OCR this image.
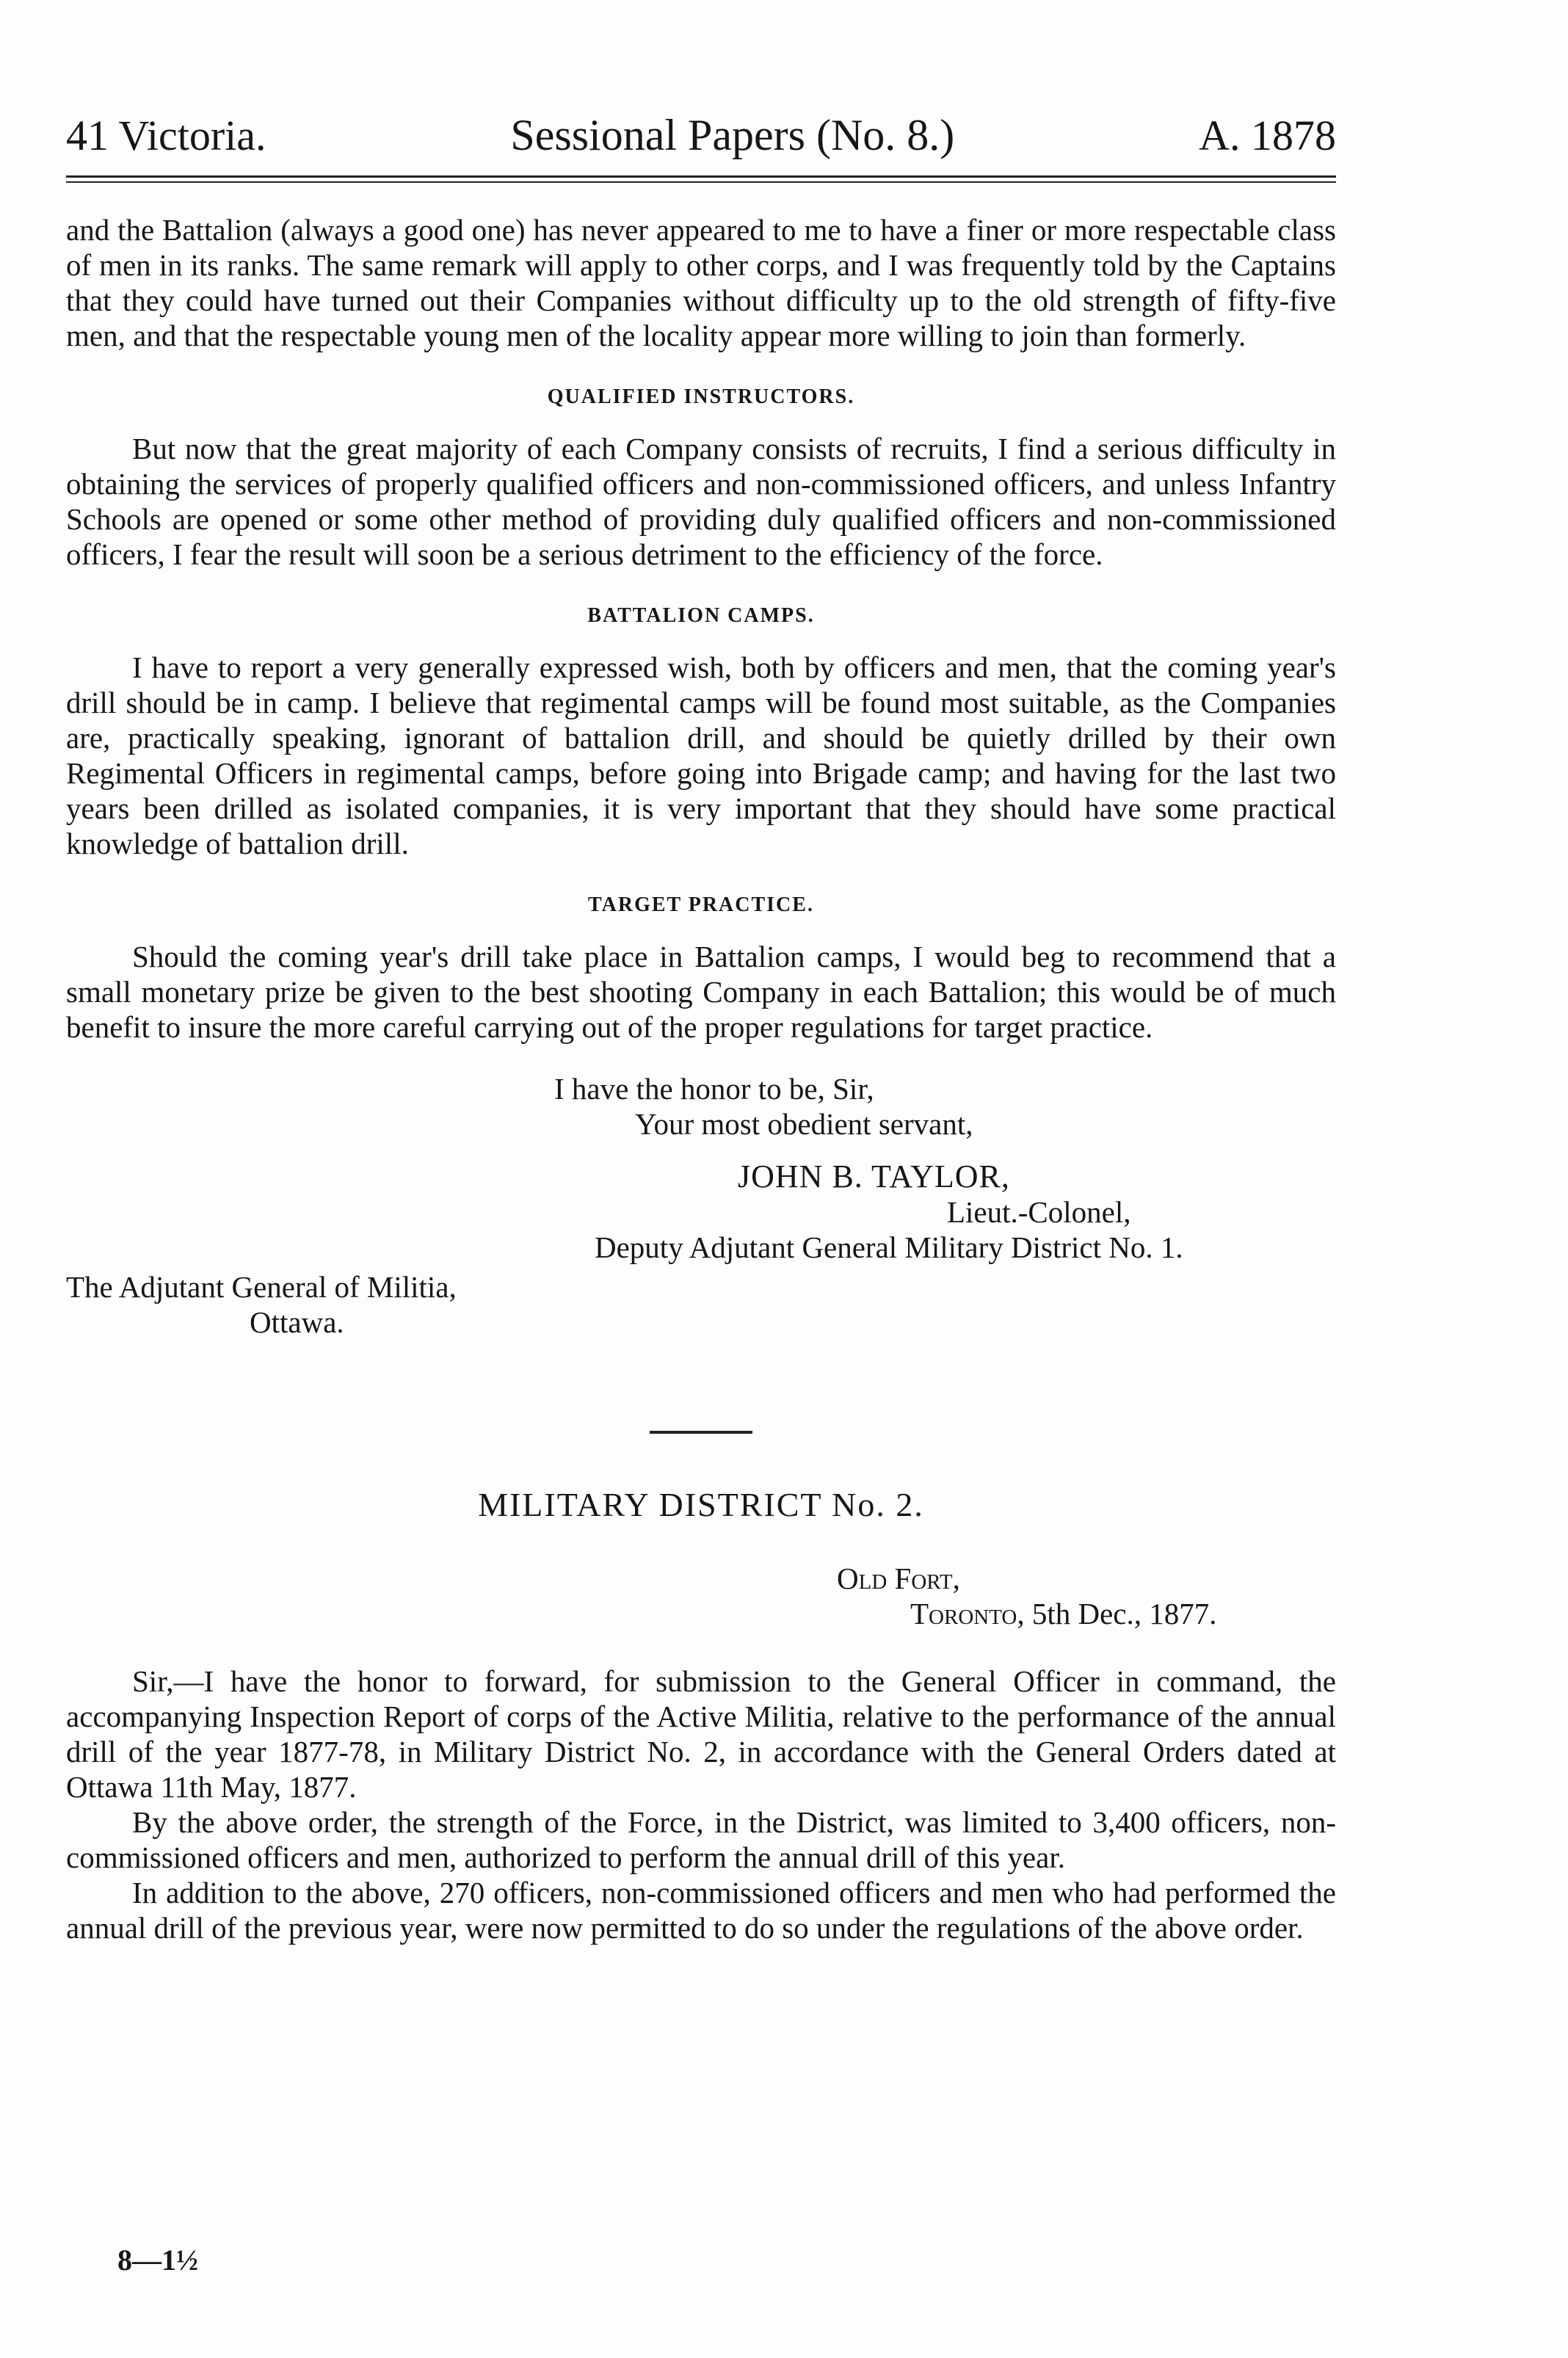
41 Victoria.	Sessional Papers (No. 8.)	A. 1878

and the Battalion (always a good one) has never appeared to me to have a finer or more respectable class of men in its ranks. The same remark will apply to other corps, and I was frequently told by the Captains that they could have turned out their Companies without difficulty up to the old strength of fifty-five men, and that the respectable young men of the locality appear more willing to join than formerly.

QUALIFIED INSTRUCTORS.

But now that the great majority of each Company consists of recruits, I find a serious difficulty in obtaining the services of properly qualified officers and non-commissioned officers, and unless Infantry Schools are opened or some other method of providing duly qualified officers and non-commissioned officers, I fear the result will soon be a serious detriment to the efficiency of the force.

BATTALION CAMPS.

I have to report a very generally expressed wish, both by officers and men, that the coming year's drill should be in camp. I believe that regimental camps will be found most suitable, as the Companies are, practically speaking, ignorant of battalion drill, and should be quietly drilled by their own Regimental Officers in regimental camps, before going into Brigade camp; and having for the last two years been drilled as isolated companies, it is very important that they should have some practical knowledge of battalion drill.

TARGET PRACTICE.

Should the coming year's drill take place in Battalion camps, I would beg to recommend that a small monetary prize be given to the best shooting Company in each Battalion; this would be of much benefit to insure the more careful carrying out of the proper regulations for target practice.

I have the honor to be, Sir,
Your most obedient servant,
JOHN B. TAYLOR,
Lieut.-Colonel,
Deputy Adjutant General Military District No. 1.
The Adjutant General of Militia,
Ottawa.
MILITARY DISTRICT No. 2.
Old Fort,
Toronto, 5th Dec., 1877.

Sir,—I have the honor to forward, for submission to the General Officer in command, the accompanying Inspection Report of corps of the Active Militia, relative to the performance of the annual drill of the year 1877-78, in Military District No. 2, in accordance with the General Orders dated at Ottawa 11th May, 1877.

By the above order, the strength of the Force, in the District, was limited to 3,400 officers, non-commissioned officers and men, authorized to perform the annual drill of this year.

In addition to the above, 270 officers, non-commissioned officers and men who had performed the annual drill of the previous year, were now permitted to do so under the regulations of the above order.

8—1½
